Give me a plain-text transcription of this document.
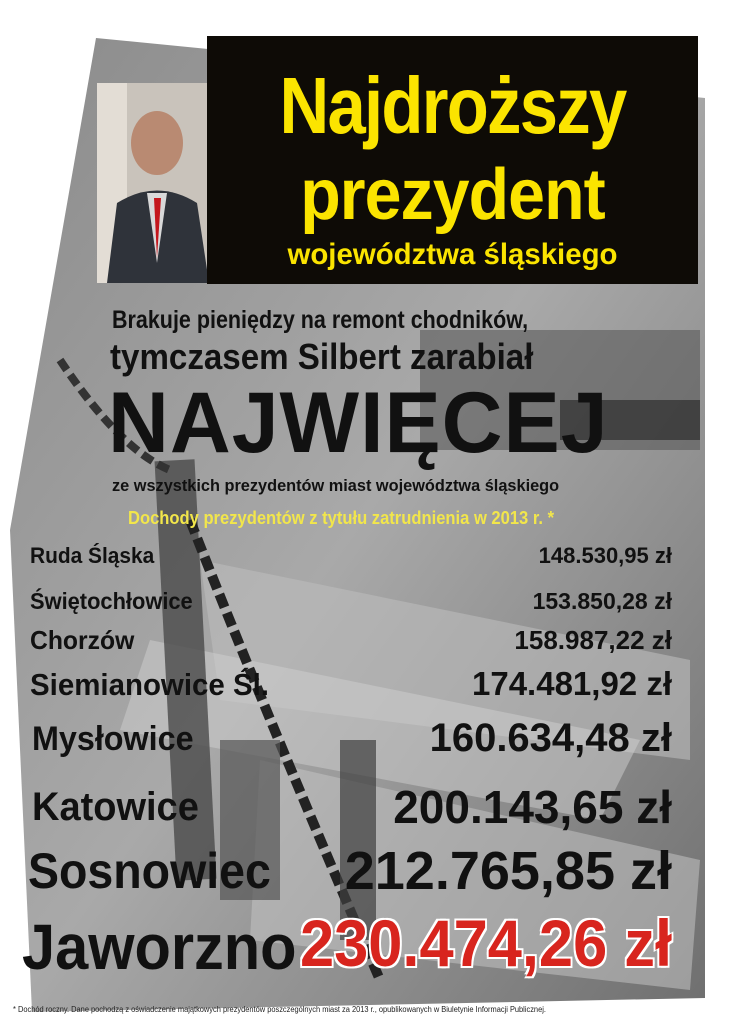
Najdroższy
prezydent
województwa śląskiego
Brakuje pieniędzy na remont chodników,
tymczasem Silbert zarabiał
NAJWIĘCEJ
ze wszystkich prezydentów miast województwa śląskiego
Dochody prezydentów z tytułu zatrudnienia w 2013 r. *
Ruda Śląska	148.530,95 zł
Świętochłowice	153.850,28 zł
Chorzów	158.987,22 zł
Siemianowice Śl.	174.481,92 zł
Mysłowice	160.634,48 zł
Katowice	200.143,65 zł
Sosnowiec 212.765,85 zł
Jaworzno 230.474,26 zł
* Dochód roczny. Dane pochodzą z oświadczenie majątkowych prezydentów poszczególnych miast za 2013 r., opublikowanych w Biuletynie Informacji Publicznej.
